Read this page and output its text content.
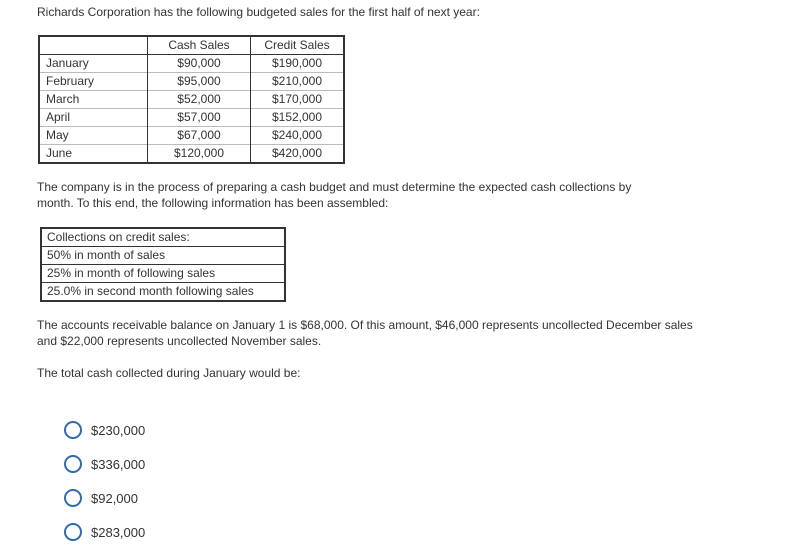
Richards Corporation has the following budgeted sales for the first half of next year:

	Cash Sales	Credit Sales
January	$90,000	$190,000
February	$95,000	$210,000
March	$52,000	$170,000
April	$57,000	$152,000
May	$67,000	$240,000
June	$120,000	$420,000

The company is in the process of preparing a cash budget and must determine the expected cash collections by month. To this end, the following information has been assembled:

Collections on credit sales:
50% in month of sales
25% in month of following sales
25.0% in second month following sales

The accounts receivable balance on January 1 is $68,000. Of this amount, $46,000 represents uncollected December sales and $22,000 represents uncollected November sales.

The total cash collected during January would be:

$230,000
$336,000
$92,000
$283,000
